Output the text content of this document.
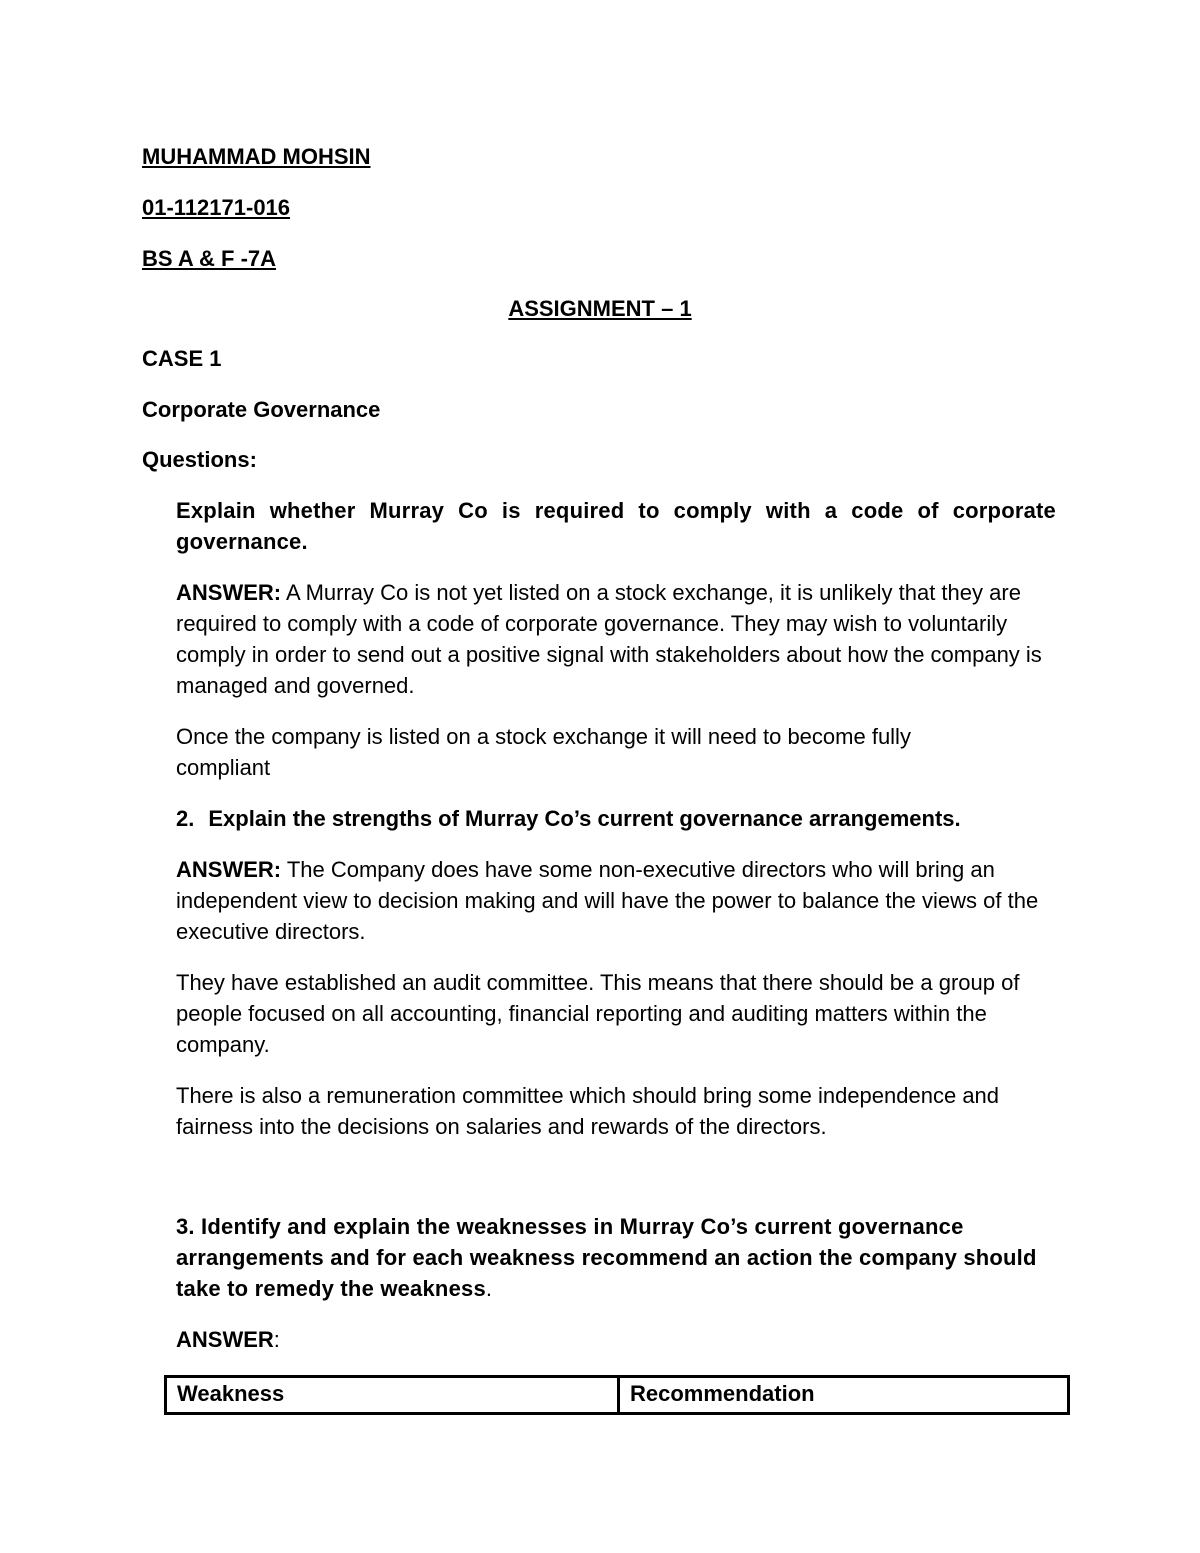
MUHAMMAD MOHSIN
01-112171-016
BS A & F -7A
ASSIGNMENT – 1
CASE 1
Corporate Governance
Questions:
Explain whether Murray Co is required to comply with a code of corporate governance.
ANSWER: A Murray Co is not yet listed on a stock exchange, it is unlikely that they are required to comply with a code of corporate governance. They may wish to voluntarily comply in order to send out a positive signal with stakeholders about how the company is managed and governed.
Once the company is listed on a stock exchange it will need to become fully compliant
2. Explain the strengths of Murray Co’s current governance arrangements.
ANSWER: The Company does have some non-executive directors who will bring an independent view to decision making and will have the power to balance the views of the executive directors.
They have established an audit committee. This means that there should be a group of people focused on all accounting, financial reporting and auditing matters within the company.
There is also a remuneration committee which should bring some independence and fairness into the decisions on salaries and rewards of the directors.
3. Identify and explain the weaknesses in Murray Co’s current governance arrangements and for each weakness recommend an action the company should take to remedy the weakness.
ANSWER:
Weakness	Recommendation
